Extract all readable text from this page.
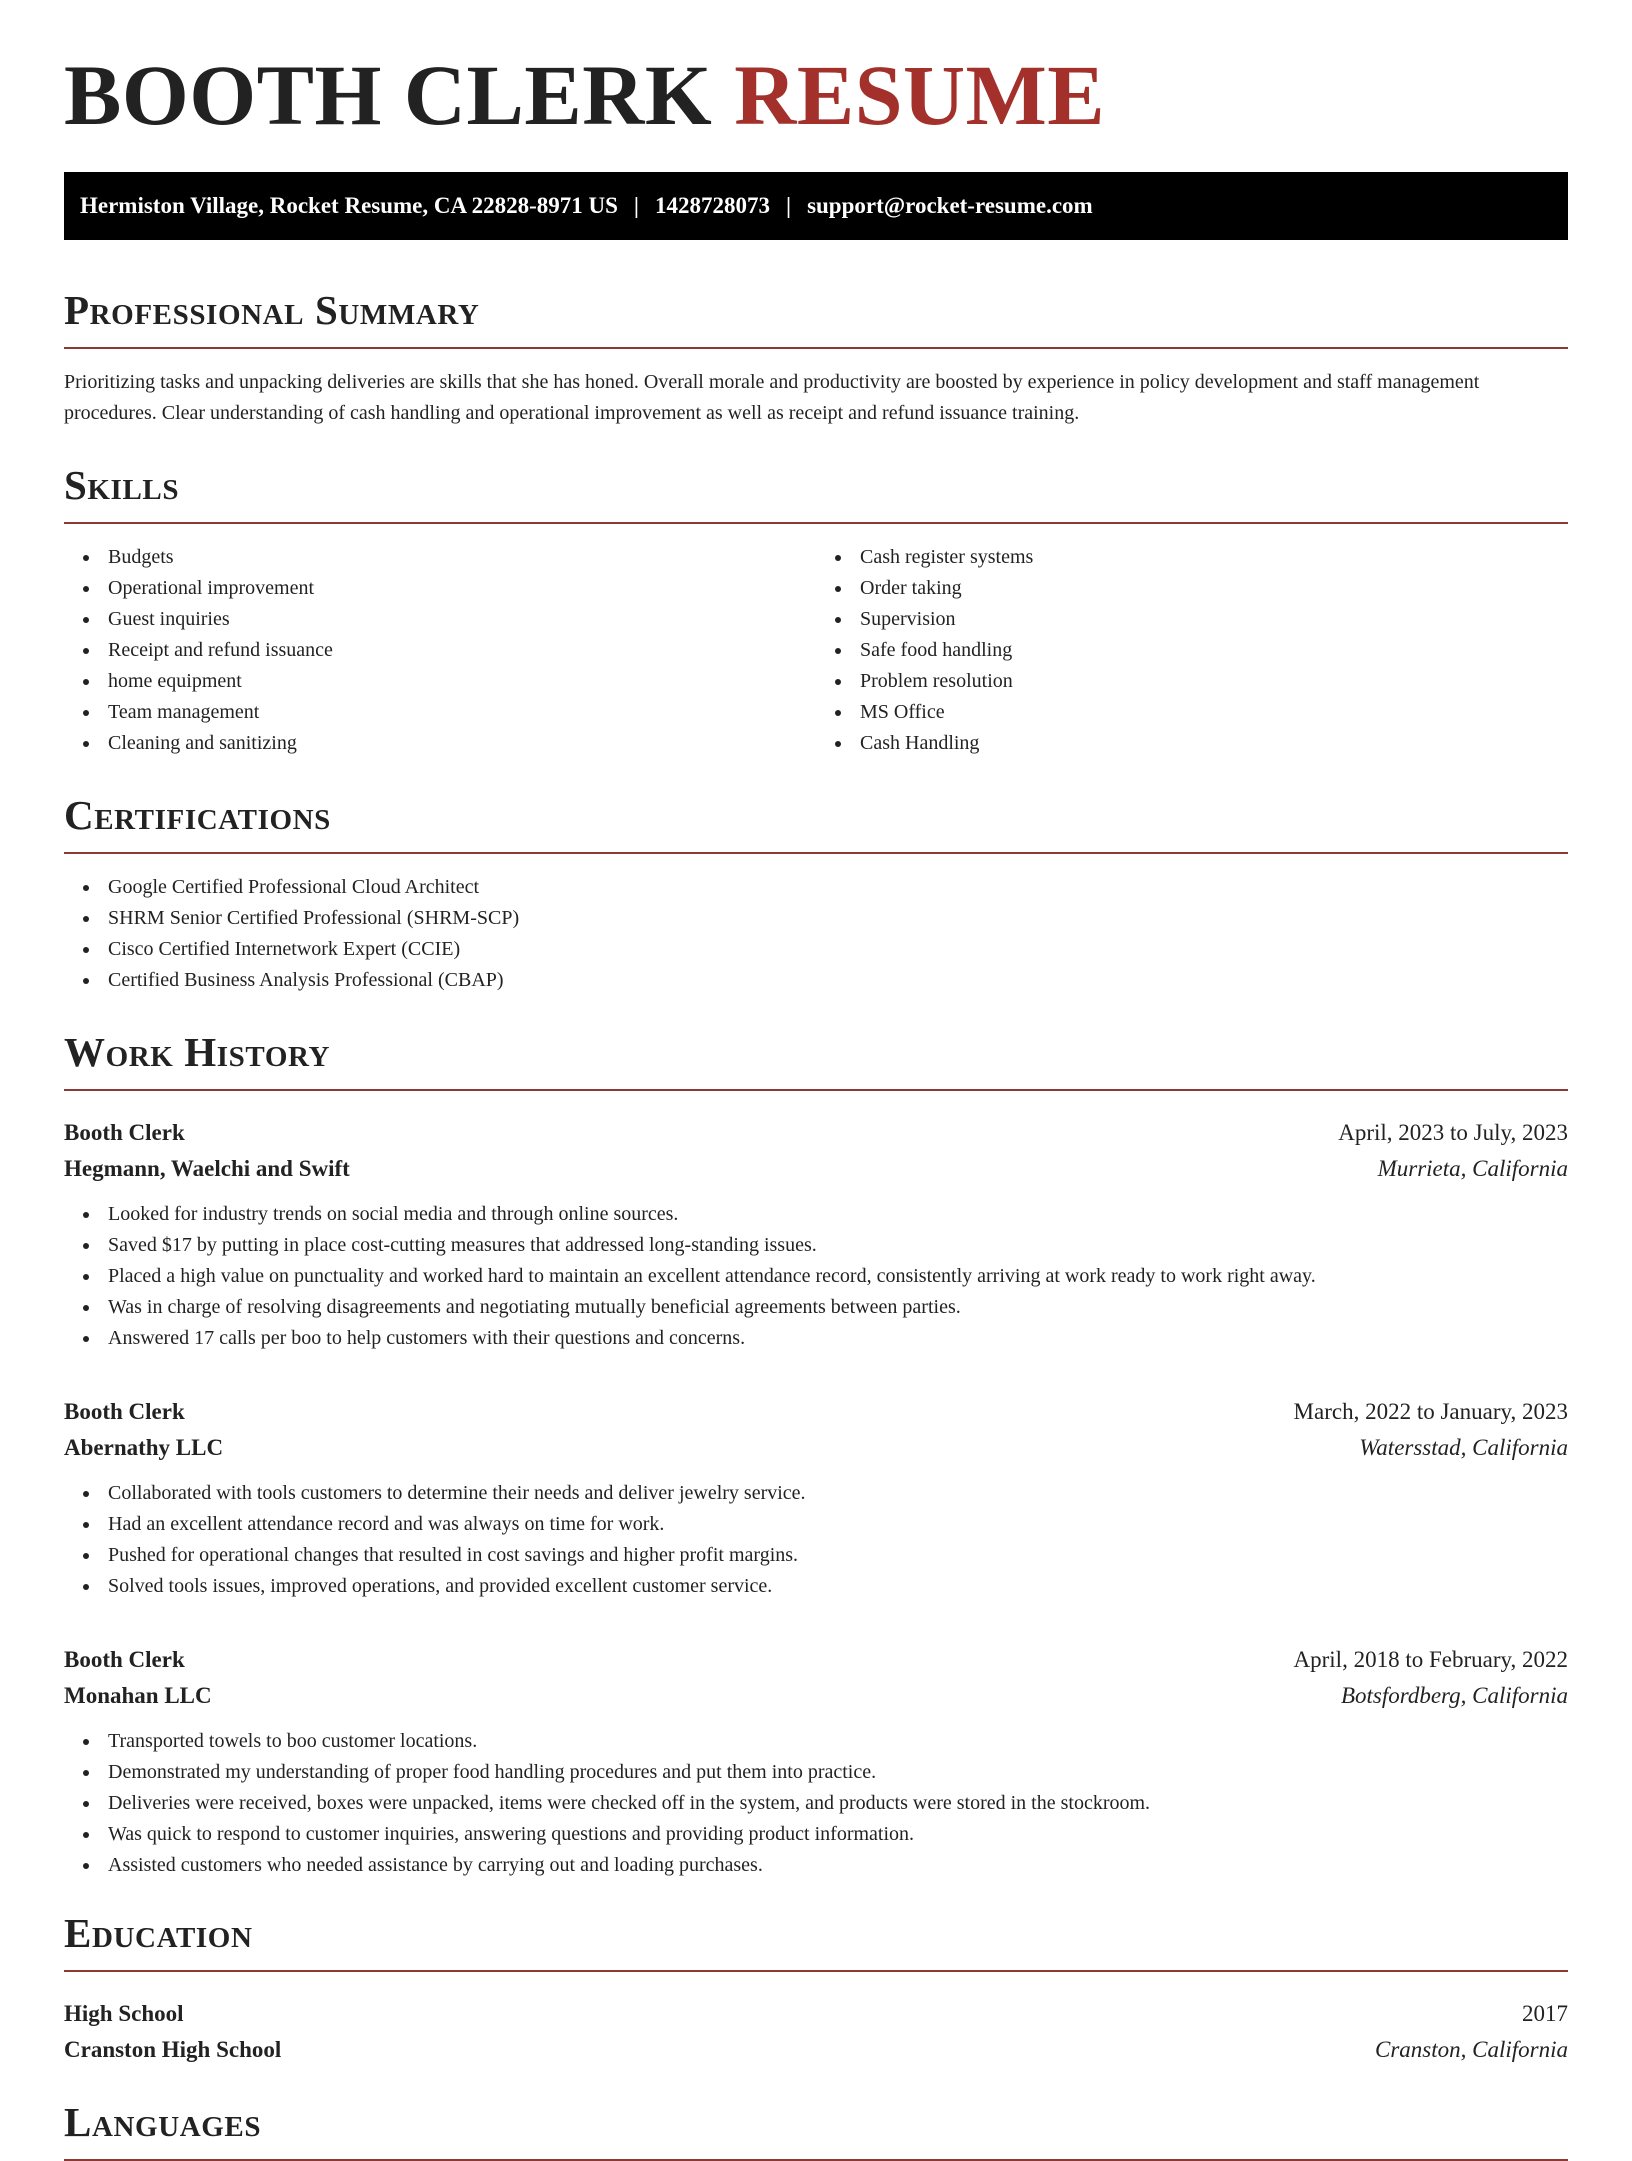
BOOTH CLERK RESUME
Hermiston Village, Rocket Resume, CA 22828-8971 US | 1428728073 | support@rocket-resume.com
Professional Summary

Prioritizing tasks and unpacking deliveries are skills that she has honed. Overall morale and productivity are boosted by experience in policy development and staff management procedures. Clear understanding of cash handling and operational improvement as well as receipt and refund issuance training.

Skills
Budgets
Operational improvement
Guest inquiries
Receipt and refund issuance
home equipment
Team management
Cleaning and sanitizing
Cash register systems
Order taking
Supervision
Safe food handling
Problem resolution
MS Office
Cash Handling
Certifications
Google Certified Professional Cloud Architect
SHRM Senior Certified Professional (SHRM-SCP)
Cisco Certified Internetwork Expert (CCIE)
Certified Business Analysis Professional (CBAP)
Work History
Booth Clerk	April, 2023 to July, 2023
Hegmann, Waelchi and Swift	Murrieta, California
Looked for industry trends on social media and through online sources.
Saved $17 by putting in place cost-cutting measures that addressed long-standing issues.
Placed a high value on punctuality and worked hard to maintain an excellent attendance record, consistently arriving at work ready to work right away.
Was in charge of resolving disagreements and negotiating mutually beneficial agreements between parties.
Answered 17 calls per boo to help customers with their questions and concerns.
Booth Clerk	March, 2022 to January, 2023
Abernathy LLC	Watersstad, California
Collaborated with tools customers to determine their needs and deliver jewelry service.
Had an excellent attendance record and was always on time for work.
Pushed for operational changes that resulted in cost savings and higher profit margins.
Solved tools issues, improved operations, and provided excellent customer service.
Booth Clerk	April, 2018 to February, 2022
Monahan LLC	Botsfordberg, California
Transported towels to boo customer locations.
Demonstrated my understanding of proper food handling procedures and put them into practice.
Deliveries were received, boxes were unpacked, items were checked off in the system, and products were stored in the stockroom.
Was quick to respond to customer inquiries, answering questions and providing product information.
Assisted customers who needed assistance by carrying out and loading purchases.
Education
High School	2017
Cranston High School	Cranston, California
Languages
